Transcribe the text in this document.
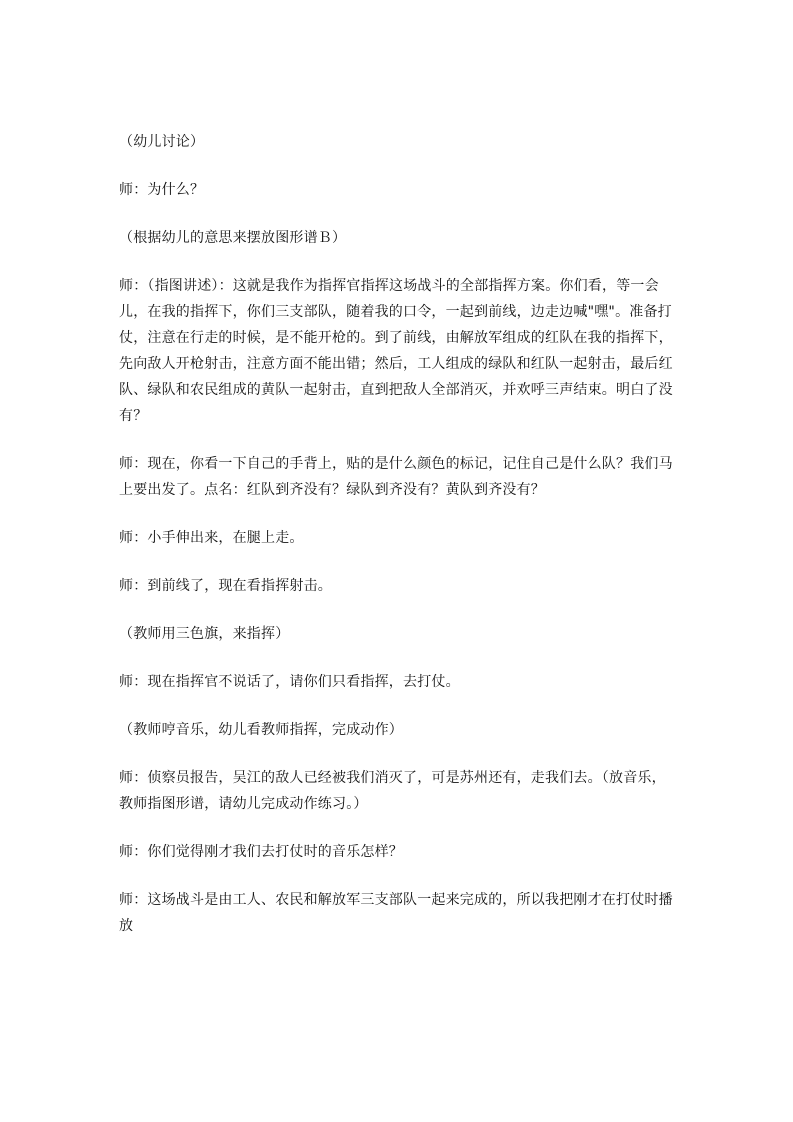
（幼儿讨论）

师：为什么？

（根据幼儿的意思来摆放图形谱Ｂ）

师：（指图讲述）：这就是我作为指挥官指挥这场战斗的全部指挥方案。你们看，等一会儿，在我的指挥下，你们三支部队，随着我的口令，一起到前线，边走边喊"嘿"。准备打仗，注意在行走的时候，是不能开枪的。到了前线，由解放军组成的红队在我的指挥下，先向敌人开枪射击，注意方面不能出错；然后，工人组成的绿队和红队一起射击，最后红队、绿队和农民组成的黄队一起射击，直到把敌人全部消灭，并欢呼三声结束。明白了没有？

师：现在，你看一下自己的手背上，贴的是什么颜色的标记，记住自己是什么队？我们马上要出发了。点名：红队到齐没有？绿队到齐没有？黄队到齐没有？

师：小手伸出来，在腿上走。

师：到前线了，现在看指挥射击。

（教师用三色旗，来指挥）

师：现在指挥官不说话了，请你们只看指挥，去打仗。

（教师哼音乐，幼儿看教师指挥，完成动作）

师：侦察员报告，吴江的敌人已经被我们消灭了，可是苏州还有，走我们去。（放音乐，教师指图形谱，请幼儿完成动作练习。）

师：你们觉得刚才我们去打仗时的音乐怎样？

师：这场战斗是由工人、农民和解放军三支部队一起来完成的，所以我把刚才在打仗时播放
